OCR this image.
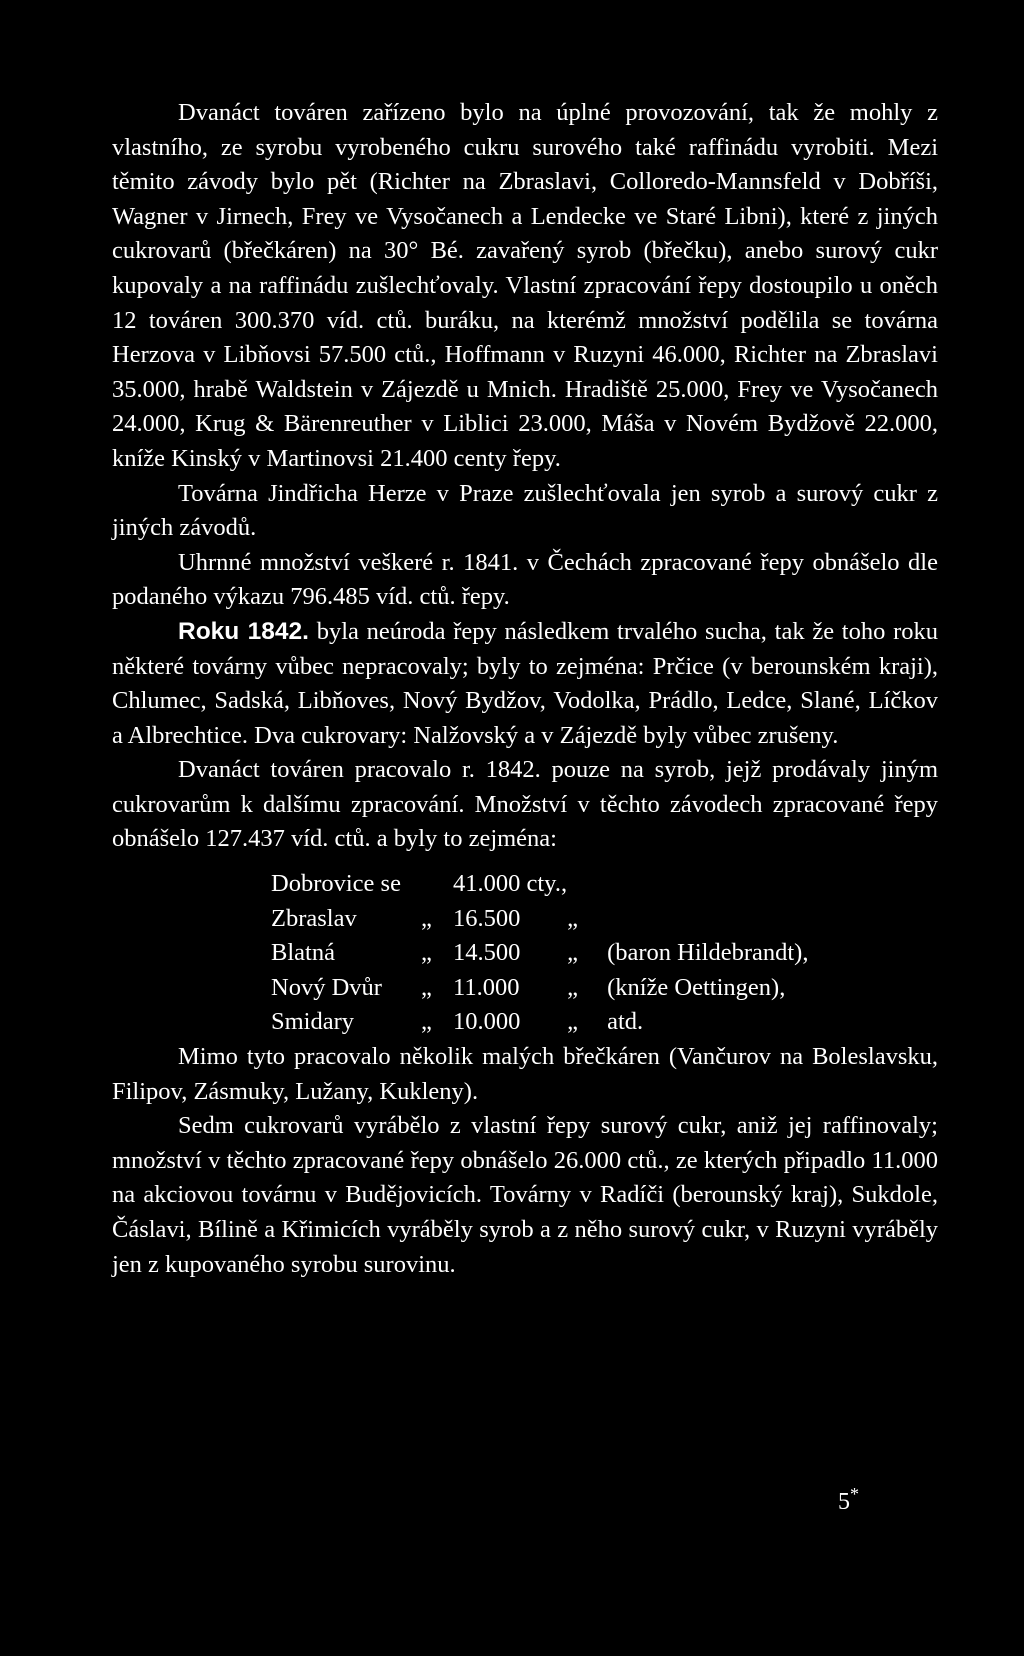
Dvanáct továren zařízeno bylo na úplné provozování, tak že mohly z vlastního, ze syrobu vyrobeného cukru surového také raffinádu vyrobiti. Mezi těmito závody bylo pět (Richter na Zbraslavi, Colloredo-Mannsfeld v Dobříši, Wagner v Jirnech, Frey ve Vysočanech a Lendecke ve Staré Libni), které z jiných cukrovarů (břečkáren) na 30° Bé. zavařený syrob (břečku), anebo surový cukr kupovaly a na raffinádu zušlechťovaly. Vlastní zpracování řepy dostoupilo u oněch 12 továren 300.370 víd. ctů. buráku, na kterémž množství podělila se továrna Herzova v Libňovsi 57.500 ctů., Hoffmann v Ruzyni 46.000, Richter na Zbraslavi 35.000, hrabě Waldstein v Zájezdě u Mnich. Hradiště 25.000, Frey ve Vysočanech 24.000, Krug & Bärenreuther v Liblici 23.000, Máša v Novém Bydžově 22.000, kníže Kinský v Martinovsi 21.400 centy řepy.

Továrna Jindřicha Herze v Praze zušlechťovala jen syrob a surový cukr z jiných závodů.

Uhrnné množství veškeré r. 1841. v Čechách zpracované řepy obnášelo dle podaného výkazu 796.485 víd. ctů. řepy.

Roku 1842. byla neúroda řepy následkem trvalého sucha, tak že toho roku některé továrny vůbec nepracovaly; byly to zejména: Prčice (v berounském kraji), Chlumec, Sadská, Libňoves, Nový Bydžov, Vodolka, Prádlo, Ledce, Slané, Líčkov a Albrechtice. Dva cukrovary: Nalžovský a v Zájezdě byly vůbec zrušeny.

Dvanáct továren pracovalo r. 1842. pouze na syrob, jejž prodávaly jiným cukrovarům k dalšímu zpracování. Množství v těchto závodech zpracované řepy obnášelo 127.437 víd. ctů. a byly to zejména:

Dobrovice se		41.000 cty.,		
Zbraslav	„	16.500	„	
Blatná	„	14.500	„	(baron Hildebrandt),
Nový Dvůr	„	11.000	„	(kníže Oettingen),
Smidary	„	10.000	„	atd.

Mimo tyto pracovalo několik malých břečkáren (Vančurov na Boleslavsku, Filipov, Zásmuky, Lužany, Kukleny).

Sedm cukrovarů vyrábělo z vlastní řepy surový cukr, aniž jej raffinovaly; množství v těchto zpracované řepy obnášelo 26.000 ctů., ze kterých připadlo 11.000 na akciovou továrnu v Budějovicích. Továrny v Radíči (berounský kraj), Sukdole, Čáslavi, Bílině a Křimicích vyráběly syrob a z něho surový cukr, v Ruzyni vyráběly jen z kupovaného syrobu surovinu.

5*
